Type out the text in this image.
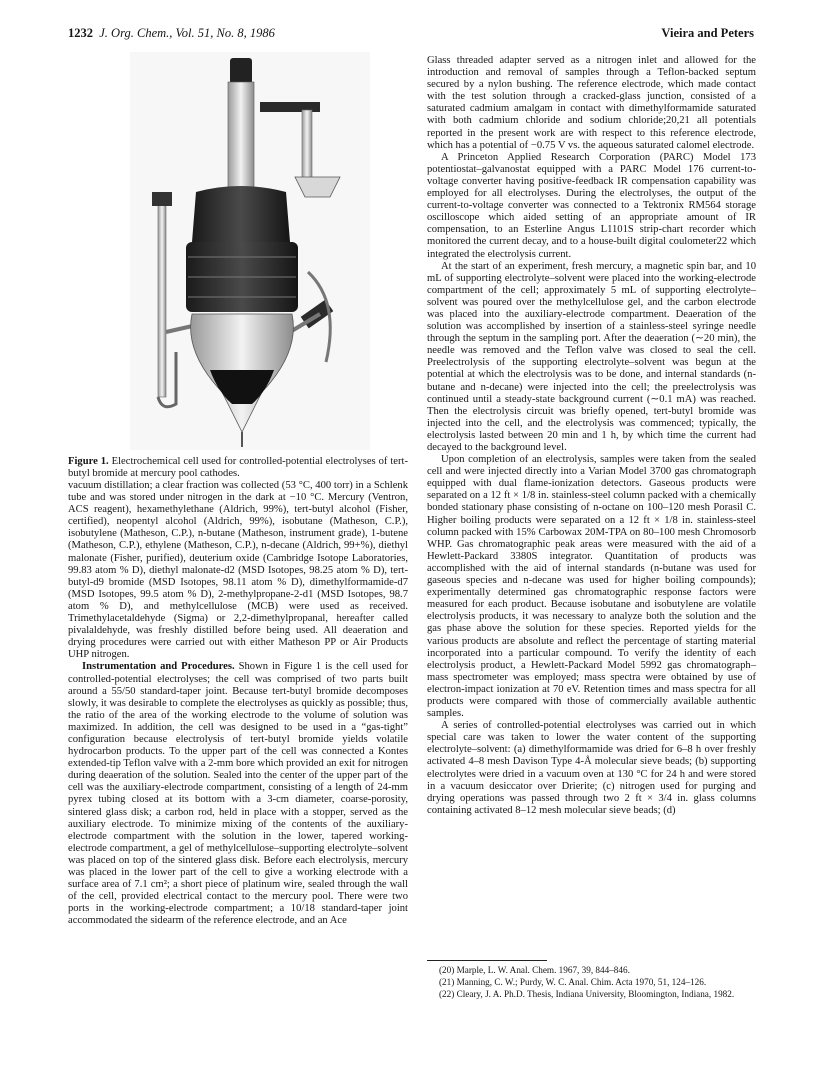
1232 J. Org. Chem., Vol. 51, No. 8, 1986	Vieira and Peters
Figure 1. Electrochemical cell used for controlled-potential electrolyses of tert-butyl bromide at mercury pool cathodes.

vacuum distillation; a clear fraction was collected (53 °C, 400 torr) in a Schlenk tube and was stored under nitrogen in the dark at −10 °C. Mercury (Ventron, ACS reagent), hexamethylethane (Aldrich, 99%), tert-butyl alcohol (Fisher, certified), neopentyl alcohol (Aldrich, 99%), isobutane (Matheson, C.P.), isobutylene (Matheson, C.P.), n-butane (Matheson, instrument grade), 1-butene (Matheson, C.P.), ethylene (Matheson, C.P.), n-decane (Aldrich, 99+%), diethyl malonate (Fisher, purified), deuterium oxide (Cambridge Isotope Laboratories, 99.83 atom % D), diethyl malonate-d2 (MSD Isotopes, 98.25 atom % D), tert-butyl-d9 bromide (MSD Isotopes, 98.11 atom % D), dimethylformamide-d7 (MSD Isotopes, 99.5 atom % D), 2-methylpropane-2-d1 (MSD Isotopes, 98.7 atom % D), and methylcellulose (MCB) were used as received. Trimethylacetaldehyde (Sigma) or 2,2-dimethylpropanal, hereafter called pivalaldehyde, was freshly distilled before being used. All deaeration and drying procedures were carried out with either Matheson PP or Air Products UHP nitrogen.

Instrumentation and Procedures. Shown in Figure 1 is the cell used for controlled-potential electrolyses; the cell was comprised of two parts built around a 55/50 standard-taper joint. Because tert-butyl bromide decomposes slowly, it was desirable to complete the electrolyses as quickly as possible; thus, the ratio of the area of the working electrode to the volume of solution was maximized. In addition, the cell was designed to be used in a “gas-tight” configuration because electrolysis of tert-butyl bromide yields volatile hydrocarbon products. To the upper part of the cell was connected a Kontes extended-tip Teflon valve with a 2-mm bore which provided an exit for nitrogen during deaeration of the solution. Sealed into the center of the upper part of the cell was the auxiliary-electrode compartment, consisting of a length of 24-mm pyrex tubing closed at its bottom with a 3-cm diameter, coarse-porosity, sintered glass disk; a carbon rod, held in place with a stopper, served as the auxiliary electrode. To minimize mixing of the contents of the auxiliary-electrode compartment with the solution in the lower, tapered working-electrode compartment, a gel of methylcellulose–supporting electrolyte–solvent was placed on top of the sintered glass disk. Before each electrolysis, mercury was placed in the lower part of the cell to give a working electrode with a surface area of 7.1 cm²; a short piece of platinum wire, sealed through the wall of the cell, provided electrical contact to the mercury pool. There were two ports in the working-electrode compartment; a 10/18 standard-taper joint accommodated the sidearm of the reference electrode, and an Ace

Glass threaded adapter served as a nitrogen inlet and allowed for the introduction and removal of samples through a Teflon-backed septum secured by a nylon bushing. The reference electrode, which made contact with the test solution through a cracked-glass junction, consisted of a saturated cadmium amalgam in contact with dimethylformamide saturated with both cadmium chloride and sodium chloride;20,21 all potentials reported in the present work are with respect to this reference electrode, which has a potential of −0.75 V vs. the aqueous saturated calomel electrode.

A Princeton Applied Research Corporation (PARC) Model 173 potentiostat–galvanostat equipped with a PARC Model 176 current-to-voltage converter having positive-feedback IR compensation capability was employed for all electrolyses. During the electrolyses, the output of the current-to-voltage converter was connected to a Tektronix RM564 storage oscilloscope which aided setting of an appropriate amount of IR compensation, to an Esterline Angus L1101S strip-chart recorder which monitored the current decay, and to a house-built digital coulometer22 which integrated the electrolysis current.

At the start of an experiment, fresh mercury, a magnetic spin bar, and 10 mL of supporting electrolyte–solvent were placed into the working-electrode compartment of the cell; approximately 5 mL of supporting electrolyte–solvent was poured over the methylcellulose gel, and the carbon electrode was placed into the auxiliary-electrode compartment. Deaeration of the solution was accomplished by insertion of a stainless-steel syringe needle through the septum in the sampling port. After the deaeration (∼20 min), the needle was removed and the Teflon valve was closed to seal the cell. Preelectrolysis of the supporting electrolyte–solvent was begun at the potential at which the electrolysis was to be done, and internal standards (n-butane and n-decane) were injected into the cell; the preelectrolysis was continued until a steady-state background current (∼0.1 mA) was reached. Then the electrolysis circuit was briefly opened, tert-butyl bromide was injected into the cell, and the electrolysis was commenced; typically, the electrolysis lasted between 20 min and 1 h, by which time the current had decayed to the background level.

Upon completion of an electrolysis, samples were taken from the sealed cell and were injected directly into a Varian Model 3700 gas chromatograph equipped with dual flame-ionization detectors. Gaseous products were separated on a 12 ft × 1/8 in. stainless-steel column packed with a chemically bonded stationary phase consisting of n-octane on 100–120 mesh Porasil C. Higher boiling products were separated on a 12 ft × 1/8 in. stainless-steel column packed with 15% Carbowax 20M-TPA on 80–100 mesh Chromosorb WHP. Gas chromatographic peak areas were measured with the aid of a Hewlett-Packard 3380S integrator. Quantitation of products was accomplished with the aid of internal standards (n-butane was used for gaseous species and n-decane was used for higher boiling compounds); experimentally determined gas chromatographic response factors were measured for each product. Because isobutane and isobutylene are volatile electrolysis products, it was necessary to analyze both the solution and the gas phase above the solution for these species. Reported yields for the various products are absolute and reflect the percentage of starting material incorporated into a particular compound. To verify the identity of each electrolysis product, a Hewlett-Packard Model 5992 gas chromatograph–mass spectrometer was employed; mass spectra were obtained by use of electron-impact ionization at 70 eV. Retention times and mass spectra for all products were compared with those of commercially available authentic samples.

A series of controlled-potential electrolyses was carried out in which special care was taken to lower the water content of the supporting electrolyte–solvent: (a) dimethylformamide was dried for 6–8 h over freshly activated 4–8 mesh Davison Type 4-Å molecular sieve beads; (b) supporting electrolytes were dried in a vacuum oven at 130 °C for 24 h and were stored in a vacuum desiccator over Drierite; (c) nitrogen used for purging and drying operations was passed through two 2 ft × 3/4 in. glass columns containing activated 8–12 mesh molecular sieve beads; (d)

(20) Marple, L. W. Anal. Chem. 1967, 39, 844–846.
(21) Manning, C. W.; Purdy, W. C. Anal. Chim. Acta 1970, 51, 124–126.
(22) Cleary, J. A. Ph.D. Thesis, Indiana University, Bloomington, Indiana, 1982.
